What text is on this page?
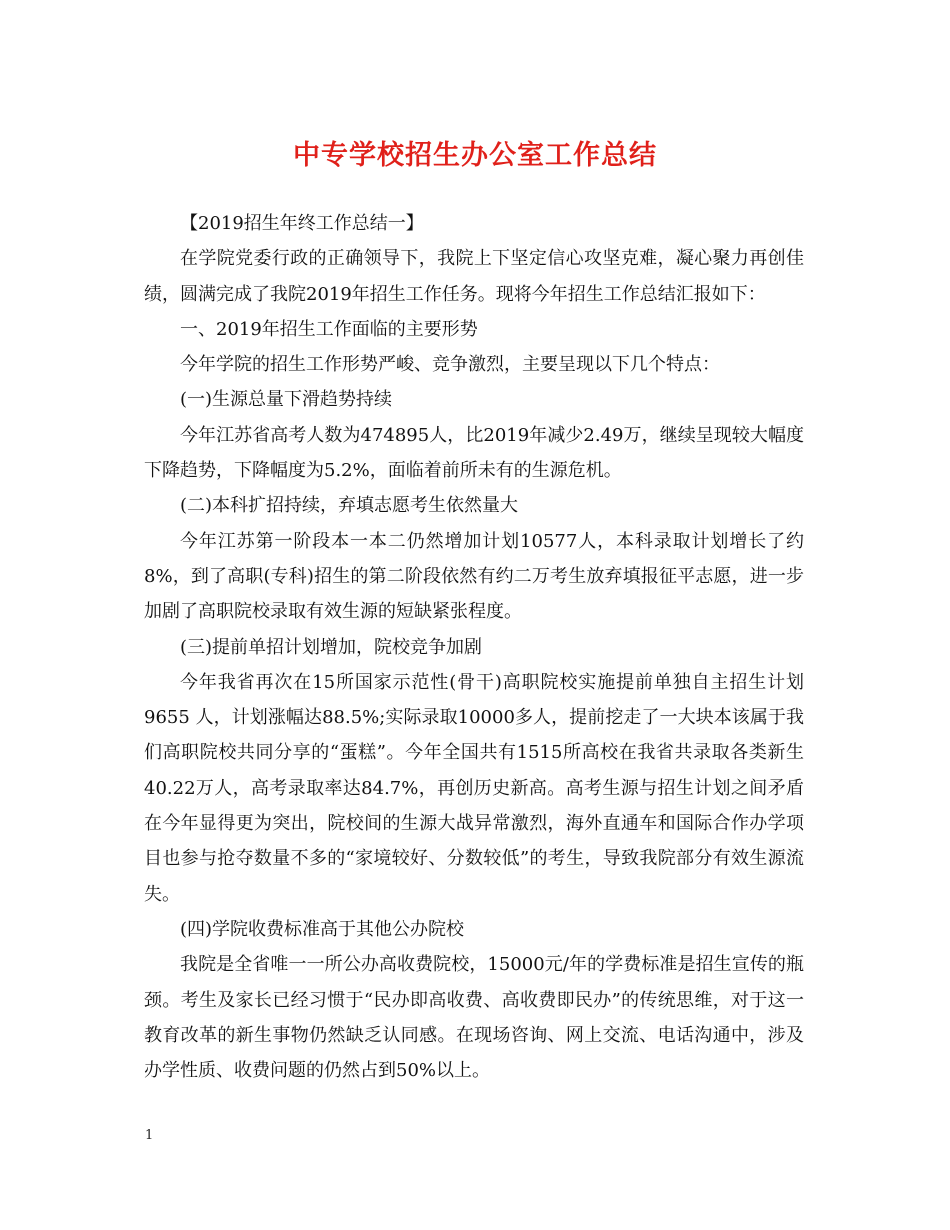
中专学校招生办公室工作总结

【2019招生年终工作总结一】

在学院党委行政的正确领导下，我院上下坚定信心攻坚克难，凝心聚力再创佳绩，圆满完成了我院2019年招生工作任务。现将今年招生工作总结汇报如下：

一、2019年招生工作面临的主要形势

今年学院的招生工作形势严峻、竞争激烈，主要呈现以下几个特点：

(一)生源总量下滑趋势持续

今年江苏省高考人数为474895人，比2019年减少2.49万，继续呈现较大幅度下降趋势，下降幅度为5.2%，面临着前所未有的生源危机。

(二)本科扩招持续，弃填志愿考生依然量大

今年江苏第一阶段本一本二仍然增加计划10577人，本科录取计划增长了约8%，到了高职(专科)招生的第二阶段依然有约二万考生放弃填报征平志愿，进一步加剧了高职院校录取有效生源的短缺紧张程度。

(三)提前单招计划增加，院校竞争加剧

今年我省再次在15所国家示范性(骨干)高职院校实施提前单独自主招生计划9655 人，计划涨幅达88.5%;实际录取10000多人，提前挖走了一大块本该属于我们高职院校共同分享的“蛋糕”。今年全国共有1515所高校在我省共录取各类新生40.22万人，高考录取率达84.7%，再创历史新高。高考生源与招生计划之间矛盾在今年显得更为突出，院校间的生源大战异常激烈，海外直通车和国际合作办学项目也参与抢夺数量不多的“家境较好、分数较低”的考生，导致我院部分有效生源流失。

(四)学院收费标准高于其他公办院校

我院是全省唯一一所公办高收费院校，15000元/年的学费标准是招生宣传的瓶颈。考生及家长已经习惯于“民办即高收费、高收费即民办”的传统思维，对于这一教育改革的新生事物仍然缺乏认同感。在现场咨询、网上交流、电话沟通中，涉及办学性质、收费问题的仍然占到50%以上。

1
